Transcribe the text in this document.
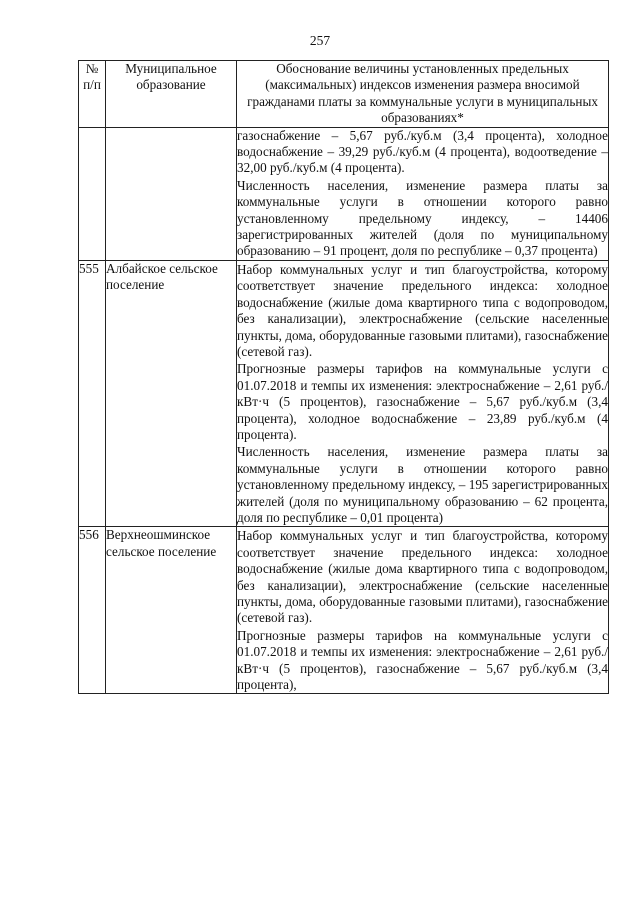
257
№ п/п	Муниципальное образование	Обоснование величины установленных предельных (максимальных) индексов изменения размера вносимой гражданами платы за коммунальные услуги в муниципальных образованиях*

		газоснабжение – 5,67 руб./куб.м (3,4 процента), холодное водоснабжение – 39,29 руб./куб.м (4 процента), водоотведение – 32,00 руб./куб.м (4 процента).

Численность населения, изменение размера платы за коммунальные услуги в отношении которого равно установленному предельному индексу, – 14406 зарегистрированных жителей (доля по муниципальному образованию – 91 процент, доля по республике – 0,37 процента)

555	Албайское сельское поселение	Набор коммунальных услуг и тип благоустройства, которому соответствует значение предельного индекса: холодное водоснабжение (жилые дома квартирного типа с водопроводом, без канализации), электроснабжение (сельские населенные пункты, дома, оборудованные газовыми плитами), газоснабжение (сетевой газ).

Прогнозные размеры тарифов на коммунальные услуги с 01.07.2018 и темпы их изменения: электроснабжение – 2,61 руб./кВт·ч (5 процентов), газоснабжение – 5,67 руб./куб.м (3,4 процента), холодное водоснабжение – 23,89 руб./куб.м (4 процента).

Численность населения, изменение размера платы за коммунальные услуги в отношении которого равно установленному предельному индексу, – 195 зарегистрированных жителей (доля по муниципальному образованию – 62 процента, доля по республике – 0,01 процента)

556	Верхнеошминское сельское поселение	Набор коммунальных услуг и тип благоустройства, которому соответствует значение предельного индекса: холодное водоснабжение (жилые дома квартирного типа с водопроводом, без канализации), электроснабжение (сельские населенные пункты, дома, оборудованные газовыми плитами), газоснабжение (сетевой газ).

Прогнозные размеры тарифов на коммунальные услуги с 01.07.2018 и темпы их изменения: электроснабжение – 2,61 руб./кВт·ч (5 процентов), газоснабжение – 5,67 руб./куб.м (3,4 процента),
